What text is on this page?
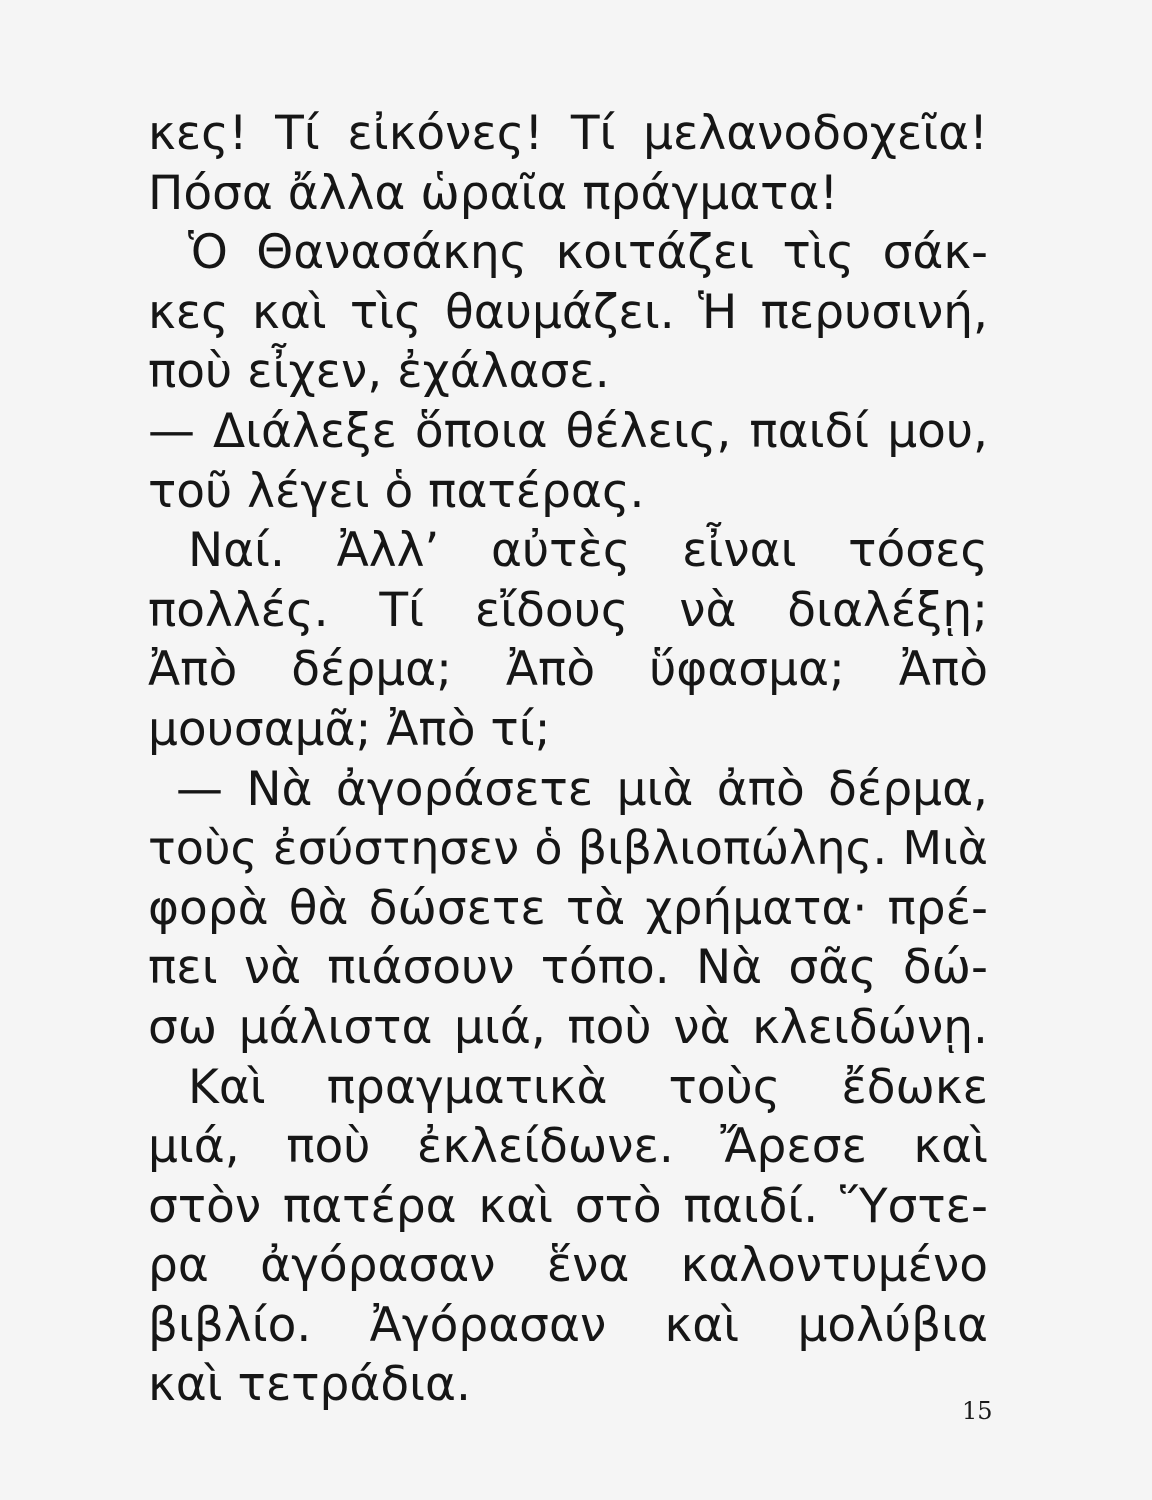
κες! Τί εἰκόνες! Τί μελανοδοχεῖα!
Πόσα ἄλλα ὡραῖα πράγματα!
Ὁ Θανασάκης κοιτάζει τὶς σάκ-
κες καὶ τὶς θαυμάζει. Ἡ περυσινή,
ποὺ εἶχεν, ἐχάλασε.
— Διάλεξε ὅποια θέλεις, παιδί μου,
τοῦ λέγει ὁ πατέρας.
Ναί. Ἀλλ’ αὐτὲς εἶναι τόσες
πολλές. Τί εἴδους νὰ διαλέξῃ;
Ἀπὸ δέρμα; Ἀπὸ ὕφασμα; Ἀπὸ
μουσαμᾶ; Ἀπὸ τί;
— Νὰ ἀγοράσετε μιὰ ἀπὸ δέρμα,
τοὺς ἐσύστησεν ὁ βιβλιοπώλης. Μιὰ
φορὰ θὰ δώσετε τὰ χρήματα· πρέ-
πει νὰ πιάσουν τόπο. Νὰ σᾶς δώ-
σω μάλιστα μιά, ποὺ νὰ κλειδώνῃ.
Καὶ πραγματικὰ τοὺς ἔδωκε
μιά, ποὺ ἐκλείδωνε. Ἄρεσε καὶ
στὸν πατέρα καὶ στὸ παιδί. Ὕστε-
ρα ἀγόρασαν ἕνα καλοντυμένο
βιβλίο. Ἀγόρασαν καὶ μολύβια
καὶ τετράδια.	15
